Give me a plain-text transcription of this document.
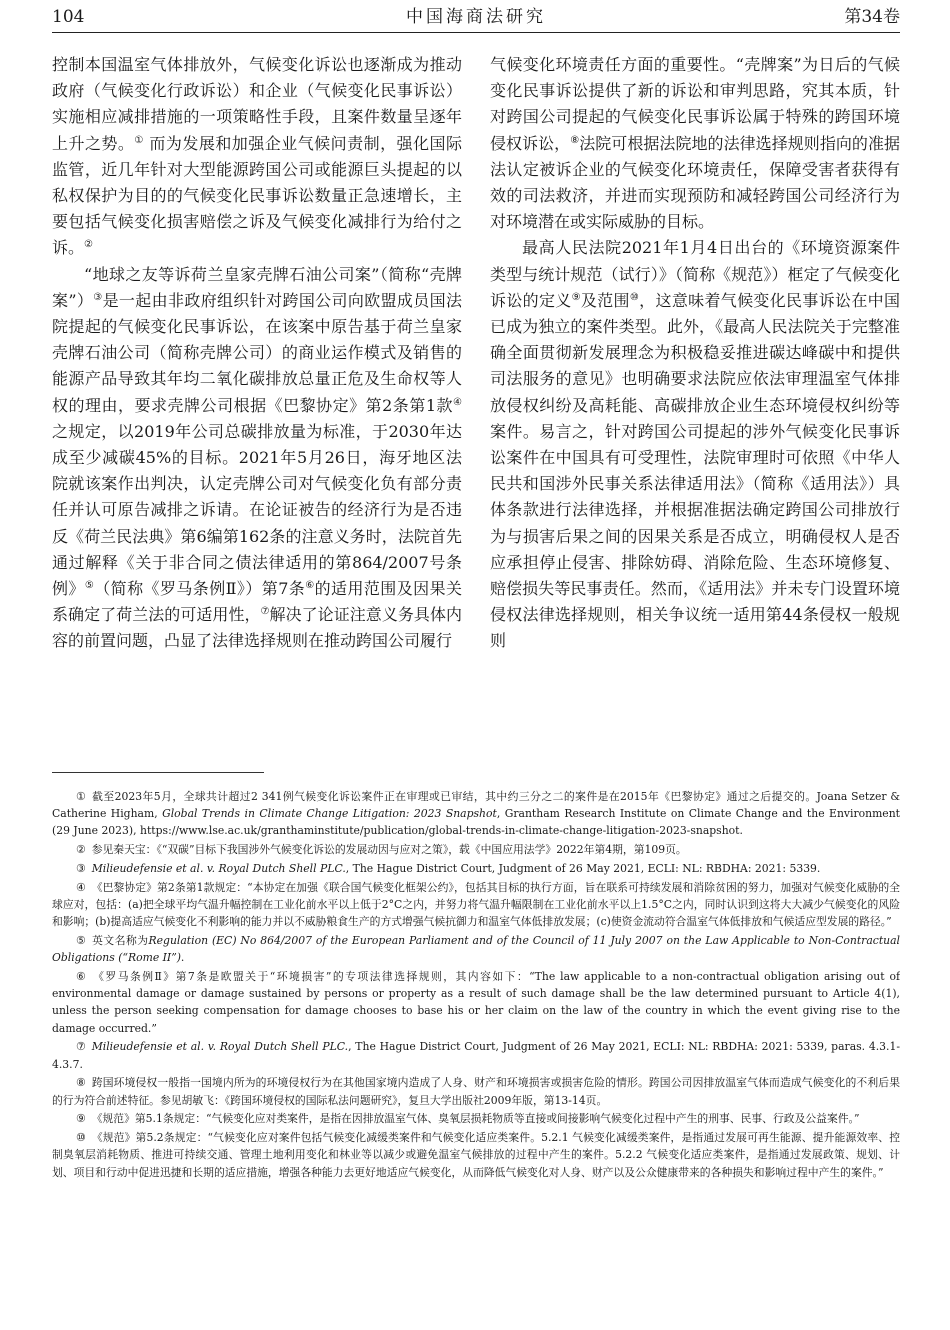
104	中国海商法研究	第34卷

控制本国温室气体排放外，气候变化诉讼也逐渐成为推动政府（气候变化行政诉讼）和企业（气候变化民事诉讼）实施相应减排措施的一项策略性手段，且案件数量呈逐年上升之势。① 而为发展和加强企业气候问责制，强化国际监管，近几年针对大型能源跨国公司或能源巨头提起的以私权保护为目的的气候变化民事诉讼数量正急速增长，主要包括气候变化损害赔偿之诉及气候变化减排行为给付之诉。②

“地球之友等诉荷兰皇家壳牌石油公司案”（简称“壳牌案”）③是一起由非政府组织针对跨国公司向欧盟成员国法院提起的气候变化民事诉讼，在该案中原告基于荷兰皇家壳牌石油公司（简称壳牌公司）的商业运作模式及销售的能源产品导致其年均二氧化碳排放总量正危及生命权等人权的理由，要求壳牌公司根据《巴黎协定》第2条第1款④之规定，以2019年公司总碳排放量为标准，于2030年达成至少减碳45%的目标。2021年5月26日，海牙地区法院就该案作出判决，认定壳牌公司对气候变化负有部分责任并认可原告减排之诉请。在论证被告的经济行为是否违反《荷兰民法典》第6编第162条的注意义务时，法院首先通过解释《关于非合同之债法律适用的第864/2007号条例》⑤（简称《罗马条例Ⅱ》）第7条⑥的适用范围及因果关系确定了荷兰法的可适用性，⑦解决了论证注意义务具体内容的前置问题，凸显了法律选择规则在推动跨国公司履行

气候变化环境责任方面的重要性。“壳牌案”为日后的气候变化民事诉讼提供了新的诉讼和审判思路，究其本质，针对跨国公司提起的气候变化民事诉讼属于特殊的跨国环境侵权诉讼，⑧法院可根据法院地的法律选择规则指向的准据法认定被诉企业的气候变化环境责任，保障受害者获得有效的司法救济，并进而实现预防和减轻跨国公司经济行为对环境潜在或实际威胁的目标。

最高人民法院2021年1月4日出台的《环境资源案件类型与统计规范（试行）》（简称《规范》）框定了气候变化诉讼的定义⑨及范围⑩，这意味着气候变化民事诉讼在中国已成为独立的案件类型。此外，《最高人民法院关于完整准确全面贯彻新发展理念为积极稳妥推进碳达峰碳中和提供司法服务的意见》也明确要求法院应依法审理温室气体排放侵权纠纷及高耗能、高碳排放企业生态环境侵权纠纷等案件。易言之，针对跨国公司提起的涉外气候变化民事诉讼案件在中国具有可受理性，法院审理时可依照《中华人民共和国涉外民事关系法律适用法》（简称《适用法》）具体条款进行法律选择，并根据准据法确定跨国公司排放行为与损害后果之间的因果关系是否成立，明确侵权人是否应承担停止侵害、排除妨碍、消除危险、生态环境修复、赔偿损失等民事责任。然而，《适用法》并未专门设置环境侵权法律选择规则，相关争议统一适用第44条侵权一般规则

① 截至2023年5月，全球共计超过2 341例气候变化诉讼案件正在审理或已审结，其中约三分之二的案件是在2015年《巴黎协定》通过之后提交的。Joana Setzer & Catherine Higham, Global Trends in Climate Change Litigation: 2023 Snapshot, Grantham Research Institute on Climate Change and the Environment (29 June 2023), https://www.lse.ac.uk/granthaminstitute/publication/global-trends-in-climate-change-litigation-2023-snapshot.

② 参见秦天宝：《“双碳”目标下我国涉外气候变化诉讼的发展动因与应对之策》，载《中国应用法学》2022年第4期，第109页。

③ Milieudefensie et al. v. Royal Dutch Shell PLC., The Hague District Court, Judgment of 26 May 2021, ECLI: NL: RBDHA: 2021: 5339.

④ 《巴黎协定》第2条第1款规定：“本协定在加强《联合国气候变化框架公约》，包括其目标的执行方面，旨在联系可持续发展和消除贫困的努力，加强对气候变化威胁的全球应对，包括：(a)把全球平均气温升幅控制在工业化前水平以上低于2°C之内，并努力将气温升幅限制在工业化前水平以上1.5°C之内，同时认识到这将大大减少气候变化的风险和影响；(b)提高适应气候变化不利影响的能力并以不威胁粮食生产的方式增强气候抗御力和温室气体低排放发展；(c)使资金流动符合温室气体低排放和气候适应型发展的路径。”

⑤ 英文名称为Regulation (EC) No 864/2007 of the European Parliament and of the Council of 11 July 2007 on the Law Applicable to Non-Contractual Obligations (“Rome II”).

⑥ 《罗马条例Ⅱ》第7条是欧盟关于“环境损害”的专项法律选择规则，其内容如下：“The law applicable to a non-contractual obligation arising out of environmental damage or damage sustained by persons or property as a result of such damage shall be the law determined pursuant to Article 4(1), unless the person seeking compensation for damage chooses to base his or her claim on the law of the country in which the event giving rise to the damage occurred.”

⑦ Milieudefensie et al. v. Royal Dutch Shell PLC., The Hague District Court, Judgment of 26 May 2021, ECLI: NL: RBDHA: 2021: 5339, paras. 4.3.1-4.3.7.

⑧ 跨国环境侵权一般指一国境内所为的环境侵权行为在其他国家境内造成了人身、财产和环境损害或损害危险的情形。跨国公司因排放温室气体而造成气候变化的不利后果的行为符合前述特征。参见胡敏飞：《跨国环境侵权的国际私法问题研究》，复旦大学出版社2009年版，第13-14页。

⑨ 《规范》第5.1条规定：“气候变化应对类案件，是指在因排放温室气体、臭氧层损耗物质等直接或间接影响气候变化过程中产生的刑事、民事、行政及公益案件。”

⑩ 《规范》第5.2条规定：“气候变化应对案件包括气候变化减缓类案件和气候变化适应类案件。5.2.1 气候变化减缓类案件，是指通过发展可再生能源、提升能源效率、控制臭氧层消耗物质、推进可持续交通、管理土地利用变化和林业等以减少或避免温室气候排放的过程中产生的案件。5.2.2 气候变化适应类案件，是指通过发展政策、规划、计划、项目和行动中促进迅捷和长期的适应措施，增强各种能力去更好地适应气候变化，从而降低气候变化对人身、财产以及公众健康带来的各种损失和影响过程中产生的案件。”
